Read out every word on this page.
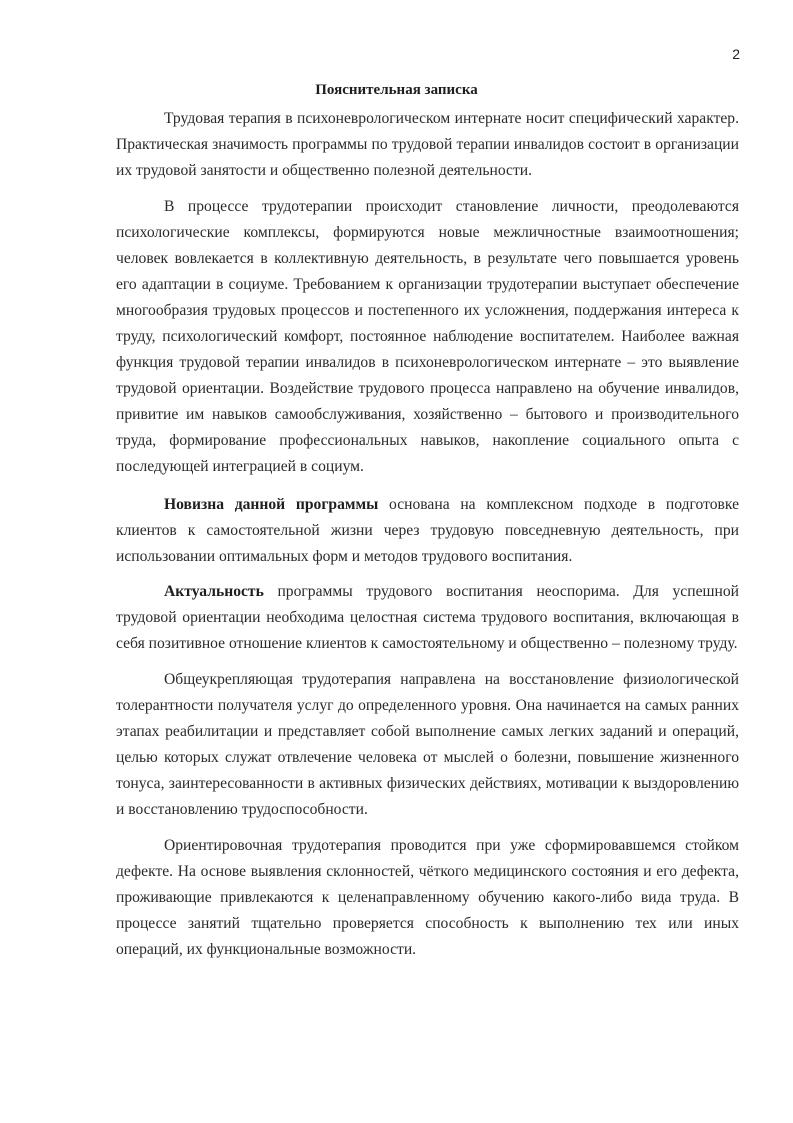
2
Пояснительная записка

Трудовая терапия в психоневрологическом интернате носит специфический характер. Практическая значимость программы по трудовой терапии инвалидов состоит в организации их трудовой занятости и общественно полезной деятельности.

В процессе трудотерапии происходит становление личности, преодолеваются психологические комплексы, формируются новые межличностные взаимоотношения; человек вовлекается в коллективную деятельность, в результате чего повышается уровень его адаптации в социуме. Требованием к организации трудотерапии выступает обеспечение многообразия трудовых процессов и постепенного их усложнения, поддержания интереса к труду, психологический комфорт, постоянное наблюдение воспитателем. Наиболее важная функция трудовой терапии инвалидов в психоневрологическом интернате – это выявление трудовой ориентации. Воздействие трудового процесса направлено на обучение инвалидов, привитие им навыков самообслуживания, хозяйственно – бытового и производительного труда, формирование профессиональных навыков, накопление социального опыта с последующей интеграцией в социум.

Новизна данной программы основана на комплексном подходе в подготовке клиентов к самостоятельной жизни через трудовую повседневную деятельность, при использовании оптимальных форм и методов трудового воспитания.

Актуальность программы трудового воспитания неоспорима. Для успешной трудовой ориентации необходима целостная система трудового воспитания, включающая в себя позитивное отношение клиентов к самостоятельному и общественно – полезному труду.

Общеукрепляющая трудотерапия направлена на восстановление физиологической толерантности получателя услуг до определенного уровня. Она начинается на самых ранних этапах реабилитации и представляет собой выполнение самых легких заданий и операций, целью которых служат отвлечение человека от мыслей о болезни, повышение жизненного тонуса, заинтересованности в активных физических действиях, мотивации к выздоровлению и восстановлению трудоспособности.

Ориентировочная трудотерапия проводится при уже сформировавшемся стойком дефекте. На основе выявления склонностей, чёткого медицинского состояния и его дефекта, проживающие привлекаются к целенаправленному обучению какого-либо вида труда. В процессе занятий тщательно проверяется способность к выполнению тех или иных операций, их функциональные возможности.
